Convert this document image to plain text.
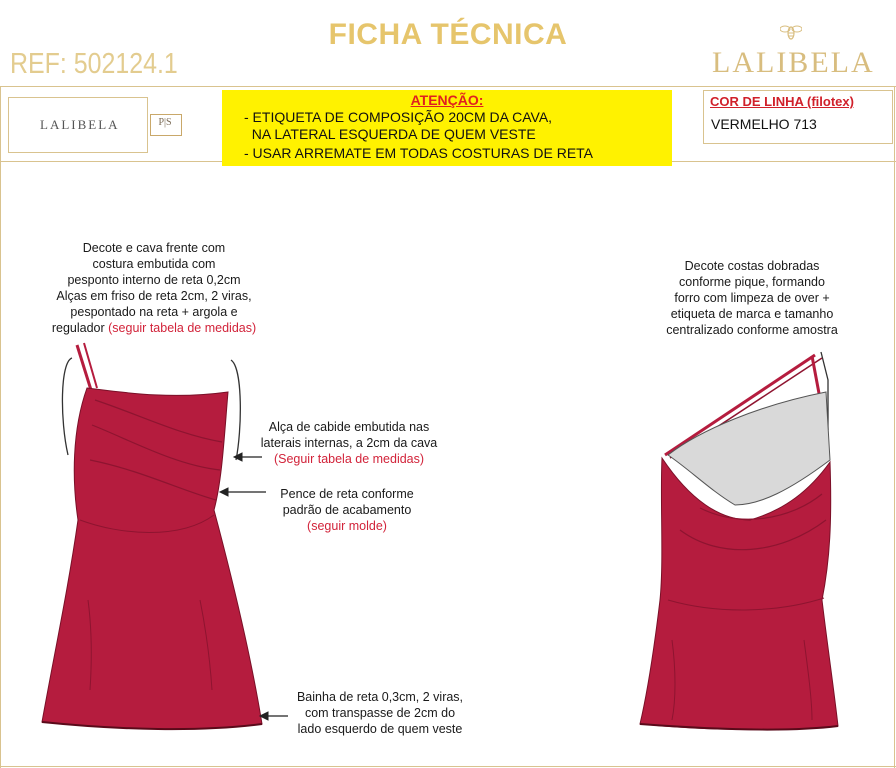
FICHA TÉCNICA
REF: 502124.1	LALIBELA
LALIBELA	P|S
ATENÇÃO:
- ETIQUETA DE COMPOSIÇÃO 20CM DA CAVA,
NA LATERAL ESQUERDA DE QUEM VESTE
- USAR ARREMATE EM TODAS COSTURAS DE RETA
COR DE LINHA (filotex)
VERMELHO 713
Decote e cava frente com
costura embutida com
pesponto interno de reta 0,2cm
Alças em friso de reta 2cm, 2 viras,
pespontado na reta + argola e
regulador (seguir tabela de medidas)
Decote costas dobradas
conforme pique, formando
forro com limpeza de over +
etiqueta de marca e tamanho
centralizado conforme amostra
Alça de cabide embutida nas
laterais internas, a 2cm da cava
(Seguir tabela de medidas)
Pence de reta conforme
padrão de acabamento
(seguir molde)
Bainha de reta 0,3cm, 2 viras,
com transpasse de 2cm do
lado esquerdo de quem veste
